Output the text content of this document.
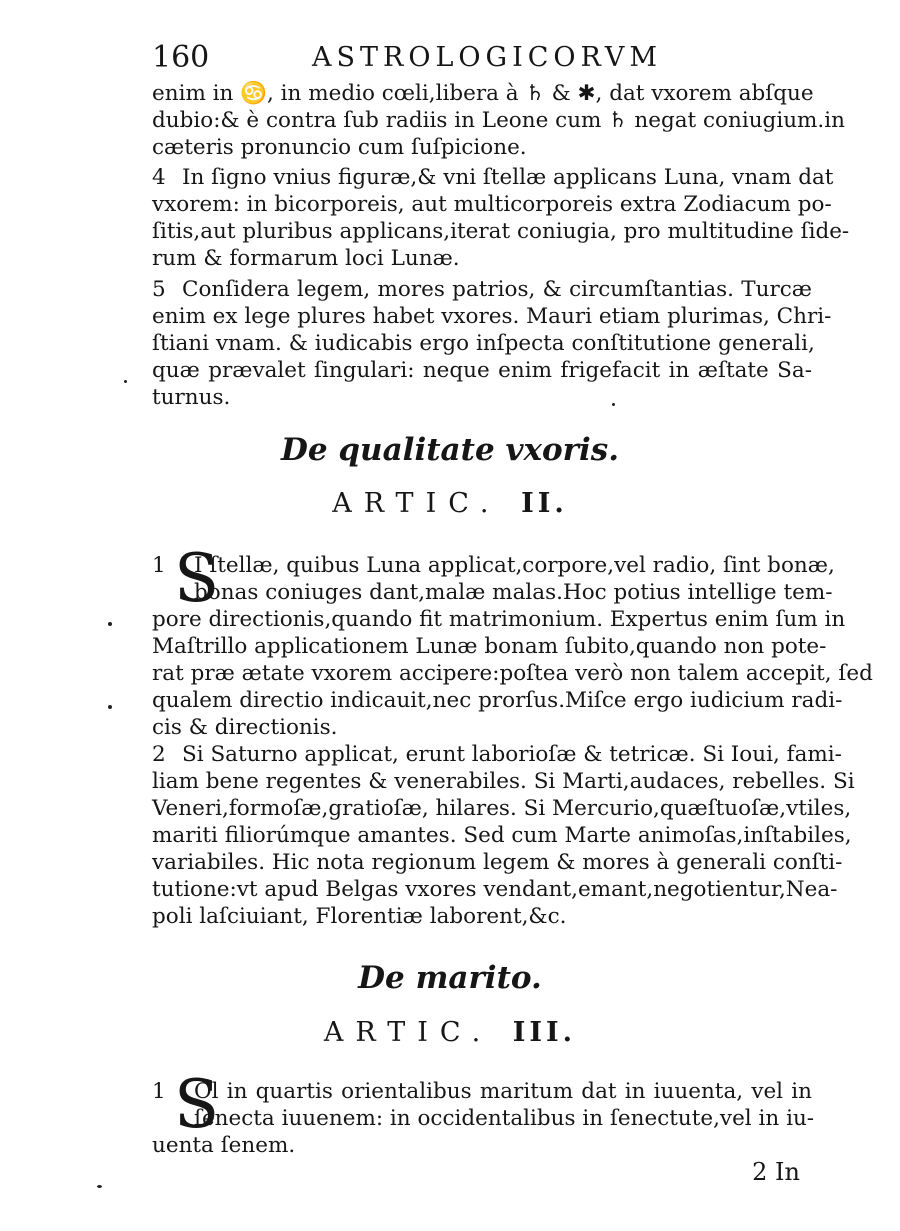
160	ASTROLOGICORVM
enim in ♋, in medio cœli,libera à ♄ & ✱, dat vxorem abſque
dubio:& è contra ſub radiis in Leone cum ♄ negat coniugium.in
cæteris pronuncio cum ſuſpicione.
4 In ſigno vnius figuræ,& vni ſtellæ applicans Luna, vnam dat
vxorem: in bicorporeis, aut multicorporeis extra Zodiacum po-
ſitis,aut pluribus applicans,iterat coniugia, pro multitudine ſide-
rum & formarum loci Lunæ.
5 Conſidera legem, mores patrios, & circumſtantias. Turcæ
enim ex lege plures habet vxores. Mauri etiam plurimas, Chri-
ſtiani vnam. & iudicabis ergo inſpecta conſtitutione generali,
quæ prævalet ſingulari: neque enim frigefacit in æſtate Sa-
turnus.
De qualitate vxoris.
ARTIC. II.
S
1 I ſtellæ, quibus Luna applicat,corpore,vel radio, ſint bonæ,
bonas coniuges dant,malæ malas.Hoc potius intellige tem-
pore directionis,quando fit matrimonium. Expertus enim ſum in
Maſtrillo applicationem Lunæ bonam ſubito,quando non pote-
rat præ ætate vxorem accipere:poſtea verò non talem accepit, ſed
qualem directio indicauit,nec prorſus.Miſce ergo iudicium radi-
cis & directionis.
2 Si Saturno applicat, erunt laborioſæ & tetricæ. Si Ioui, fami-
liam bene regentes & venerabiles. Si Marti,audaces, rebelles. Si
Veneri,formoſæ,gratioſæ, hilares. Si Mercurio,quæſtuoſæ,vtiles,
mariti filiorúmque amantes. Sed cum Marte animoſas,inſtabiles,
variabiles. Hic nota regionum legem & mores à generali conſti-
tutione:vt apud Belgas vxores vendant,emant,negotientur,Nea-
poli laſciuiant, Florentiæ laborent,&c.
De marito.
ARTIC. III.
S
1 Ol in quartis orientalibus maritum dat in iuuenta, vel in
ſenecta iuuenem: in occidentalibus in ſenectute,vel in iu-
uenta ſenem.
2 In
